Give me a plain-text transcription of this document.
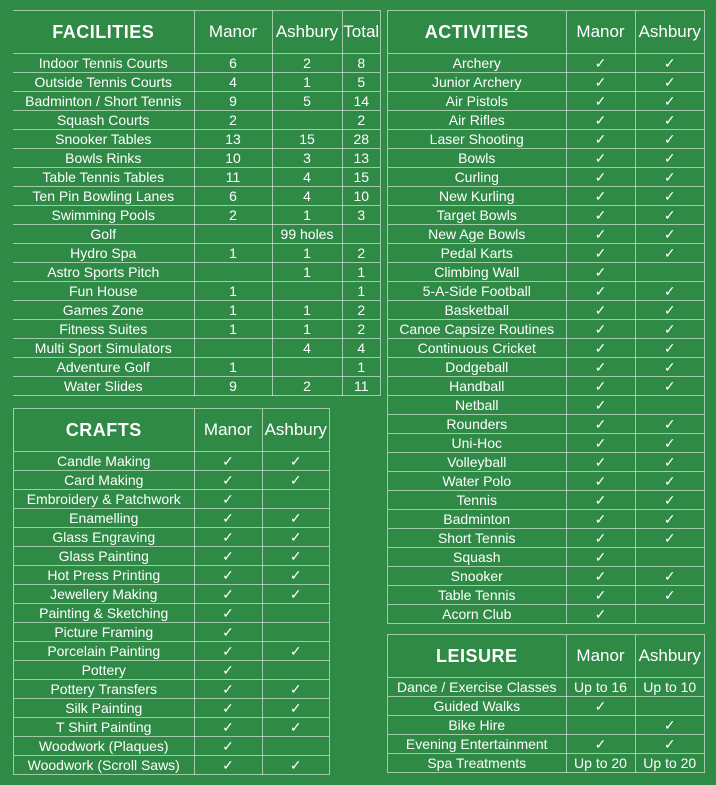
FACILITIES	Manor	Ashbury	Total
Indoor Tennis Courts	6	2	8
Outside Tennis Courts	4	1	5
Badminton / Short Tennis	9	5	14
Squash Courts	2		2
Snooker Tables	13	15	28
Bowls Rinks	10	3	13
Table Tennis Tables	11	4	15
Ten Pin Bowling Lanes	6	4	10
Swimming Pools	2	1	3
Golf		99 holes	
Hydro Spa	1	1	2
Astro Sports Pitch		1	1
Fun House	1		1
Games Zone	1	1	2
Fitness Suites	1	1	2
Multi Sport Simulators		4	4
Adventure Golf	1		1
Water Slides	9	2	11
CRAFTS	Manor	Ashbury
Candle Making	✓	✓
Card Making	✓	✓
Embroidery & Patchwork	✓	
Enamelling	✓	✓
Glass Engraving	✓	✓
Glass Painting	✓	✓
Hot Press Printing	✓	✓
Jewellery Making	✓	✓
Painting & Sketching	✓	
Picture Framing	✓	
Porcelain Painting	✓	✓
Pottery	✓	
Pottery Transfers	✓	✓
Silk Painting	✓	✓
T Shirt Painting	✓	✓
Woodwork (Plaques)	✓	
Woodwork (Scroll Saws)	✓	✓
ACTIVITIES	Manor	Ashbury
Archery	✓	✓
Junior Archery	✓	✓
Air Pistols	✓	✓
Air Rifles	✓	✓
Laser Shooting	✓	✓
Bowls	✓	✓
Curling	✓	✓
New Kurling	✓	✓
Target Bowls	✓	✓
New Age Bowls	✓	✓
Pedal Karts	✓	✓
Climbing Wall	✓	
5-A-Side Football	✓	✓
Basketball	✓	✓
Canoe Capsize Routines	✓	✓
Continuous Cricket	✓	✓
Dodgeball	✓	✓
Handball	✓	✓
Netball	✓	
Rounders	✓	✓
Uni-Hoc	✓	✓
Volleyball	✓	✓
Water Polo	✓	✓
Tennis	✓	✓
Badminton	✓	✓
Short Tennis	✓	✓
Squash	✓	
Snooker	✓	✓
Table Tennis	✓	✓
Acorn Club	✓	
LEISURE	Manor	Ashbury
Dance / Exercise Classes	Up to 16	Up to 10
Guided Walks	✓	
Bike Hire		✓
Evening Entertainment	✓	✓
Spa Treatments	Up to 20	Up to 20
